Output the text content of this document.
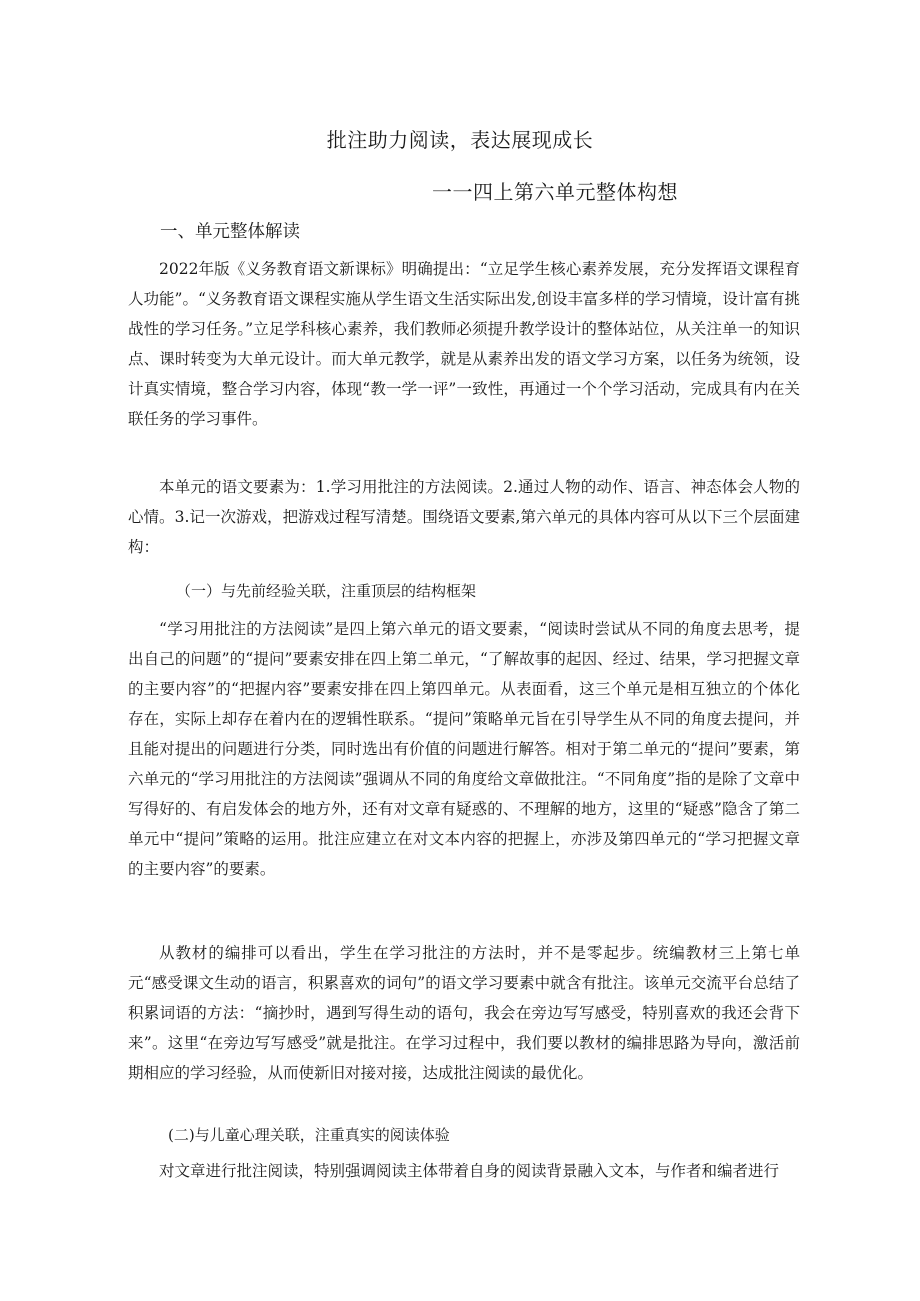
批注助力阅读，表达展现成长
一一四上第六单元整体构想
一、单元整体解读

2022年版《义务教育语文新课标》明确提出：“立足学生核心素养发展，充分发挥语文课程育人功能”。“义务教育语文课程实施从学生语文生活实际出发,创设丰富多样的学习情境，设计富有挑战性的学习任务。”立足学科核心素养，我们教师必须提升教学设计的整体站位，从关注单一的知识点、课时转变为大单元设计。而大单元教学，就是从素养出发的语文学习方案，以任务为统领，设计真实情境，整合学习内容，体现“教一学一评”一致性，再通过一个个学习活动，完成具有内在关联任务的学习事件。

本单元的语文要素为：1.学习用批注的方法阅读。2.通过人物的动作、语言、神态体会人物的心情。3.记一次游戏，把游戏过程写清楚。围绕语文要素,第六单元的具体内容可从以下三个层面建构：

（一）与先前经验关联，注重顶层的结构框架

“学习用批注的方法阅读”是四上第六单元的语文要素，“阅读时尝试从不同的角度去思考，提出自己的问题”的“提问”要素安排在四上第二单元，“了解故事的起因、经过、结果，学习把握文章的主要内容”的“把握内容”要素安排在四上第四单元。从表面看，这三个单元是相互独立的个体化存在，实际上却存在着内在的逻辑性联系。“提问”策略单元旨在引导学生从不同的角度去提问，并且能对提出的问题进行分类，同时选出有价值的问题进行解答。相对于第二单元的“提问”要素，第六单元的“学习用批注的方法阅读”强调从不同的角度给文章做批注。“不同角度”指的是除了文章中写得好的、有启发体会的地方外，还有对文章有疑惑的、不理解的地方，这里的“疑惑”隐含了第二单元中“提问”策略的运用。批注应建立在对文本内容的把握上，亦涉及第四单元的“学习把握文章的主要内容”的要素。

从教材的编排可以看出，学生在学习批注的方法时，并不是零起步。统编教材三上第七单元“感受课文生动的语言，积累喜欢的词句”的语文学习要素中就含有批注。该单元交流平台总结了积累词语的方法：“摘抄时，遇到写得生动的语句，我会在旁边写写感受，特别喜欢的我还会背下来”。这里“在旁边写写感受”就是批注。在学习过程中，我们要以教材的编排思路为导向，激活前期相应的学习经验，从而使新旧对接对接，达成批注阅读的最优化。

(二)与儿童心理关联，注重真实的阅读体验

对文章进行批注阅读，特别强调阅读主体带着自身的阅读背景融入文本，与作者和编者进行
